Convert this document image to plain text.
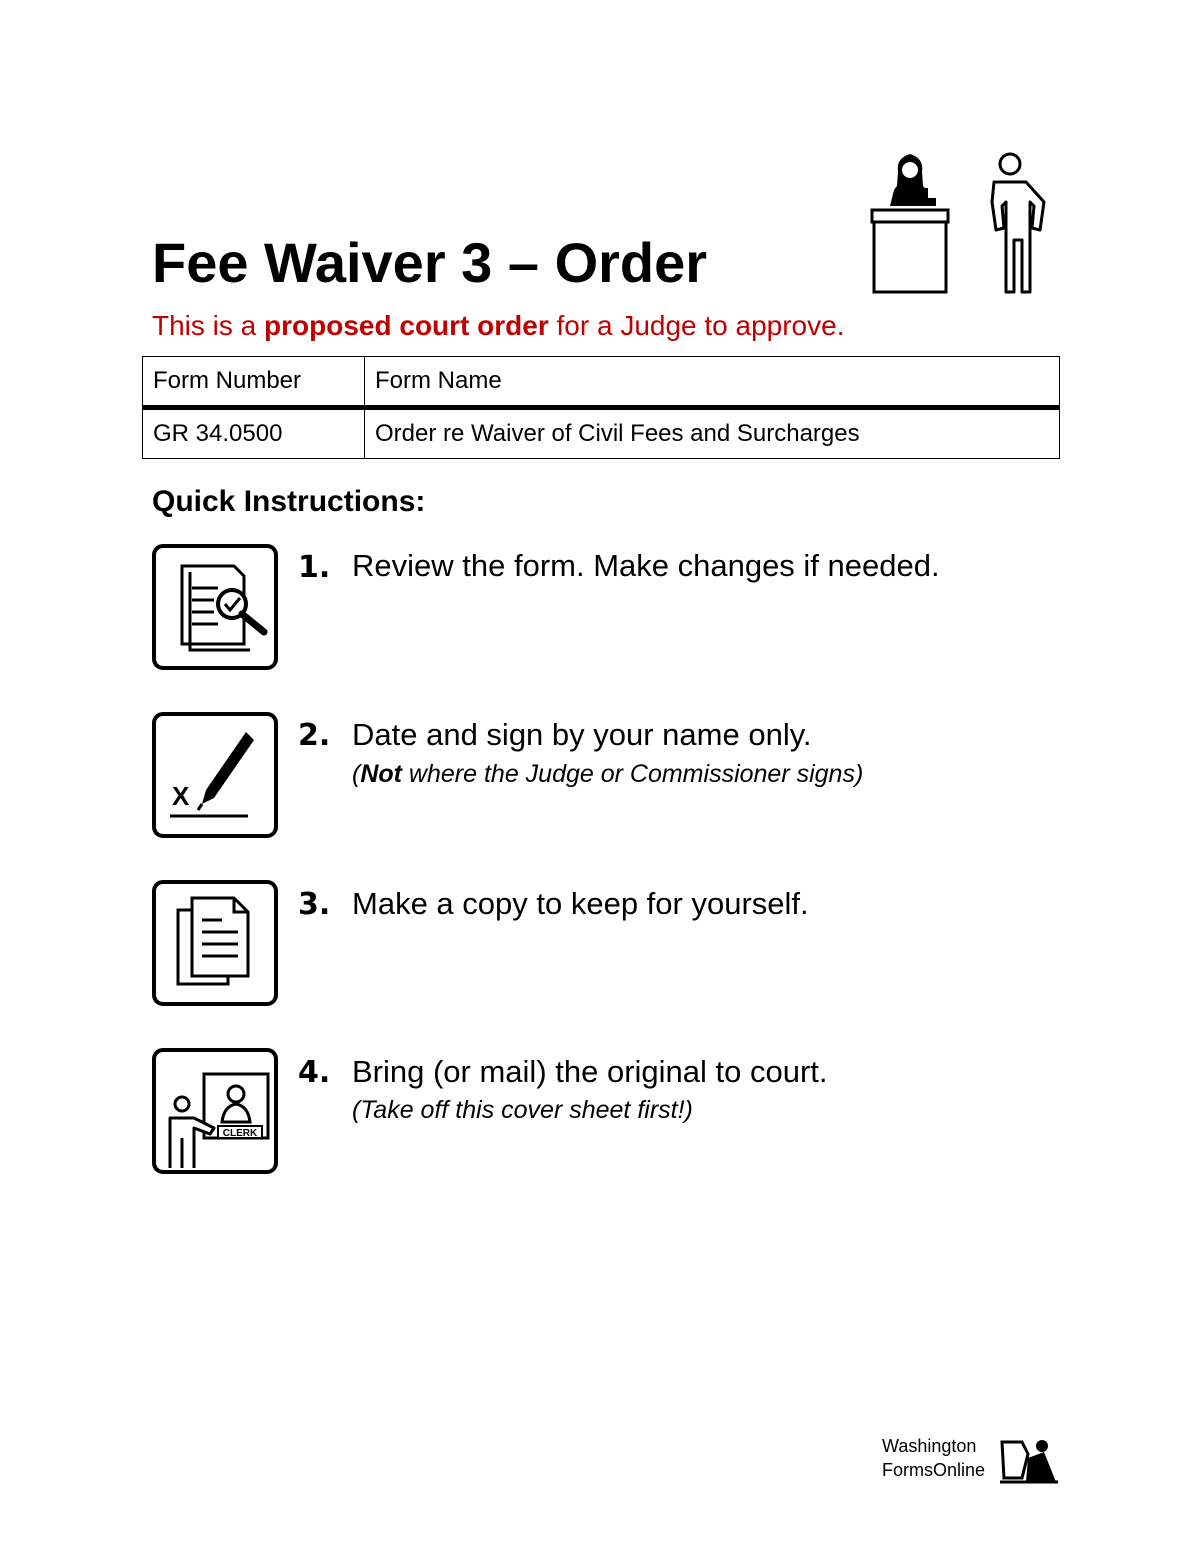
Fee Waiver 3 – Order
This is a proposed court order for a Judge to approve.
Form Number	Form Name
GR 34.0500	Order re Waiver of Civil Fees and Surcharges
Quick Instructions:
1. Review the form. Make changes if needed.
X
2. Date and sign by your name only.
(Not where the Judge or Commissioner signs)
3. Make a copy to keep for yourself.
CLERK
4. Bring (or mail) the original to court.
(Take off this cover sheet first!)
Washington
FormsOnline
